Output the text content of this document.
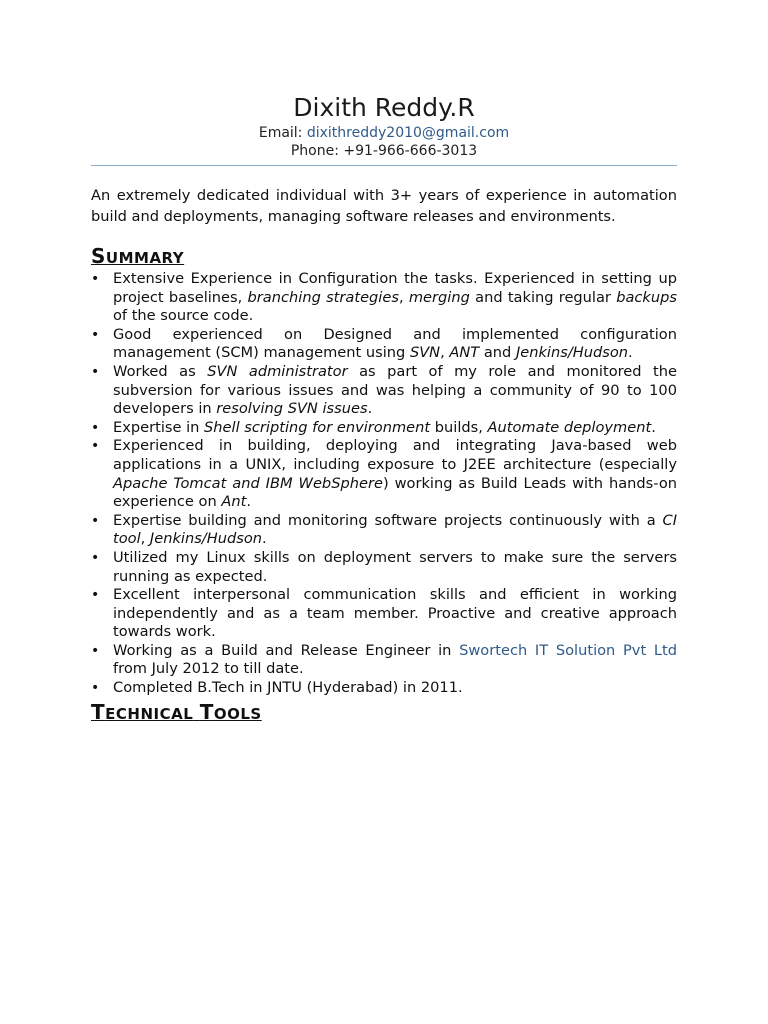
Dixith Reddy.R
Email: dixithreddy2010@gmail.com
Phone: +91-966-666-3013
An extremely dedicated individual with 3+ years of experience in automation build and deployments, managing software releases and environments.
SUMMARY
• Extensive Experience in Configuration the tasks. Experienced in setting up project baselines, branching strategies, merging and taking regular backups of the source code.
• Good experienced on Designed and implemented configuration management (SCM) management using SVN, ANT and Jenkins/Hudson.
• Worked as SVN administrator as part of my role and monitored the subversion for various issues and was helping a community of 90 to 100 developers in resolving SVN issues.
• Expertise in Shell scripting for environment builds, Automate deployment.
• Experienced in building, deploying and integrating Java-based web applications in a UNIX, including exposure to J2EE architecture (especially Apache Tomcat and IBM WebSphere) working as Build Leads with hands-on experience on Ant.
• Expertise building and monitoring software projects continuously with a CI tool, Jenkins/Hudson.
• Utilized my Linux skills on deployment servers to make sure the servers running as expected.
• Excellent interpersonal communication skills and efficient in working independently and as a team member. Proactive and creative approach towards work.
• Working as a Build and Release Engineer in Swortech IT Solution Pvt Ltd from July 2012 to till date.
• Completed B.Tech in JNTU (Hyderabad) in 2011.
TECHNICAL TOOLS
